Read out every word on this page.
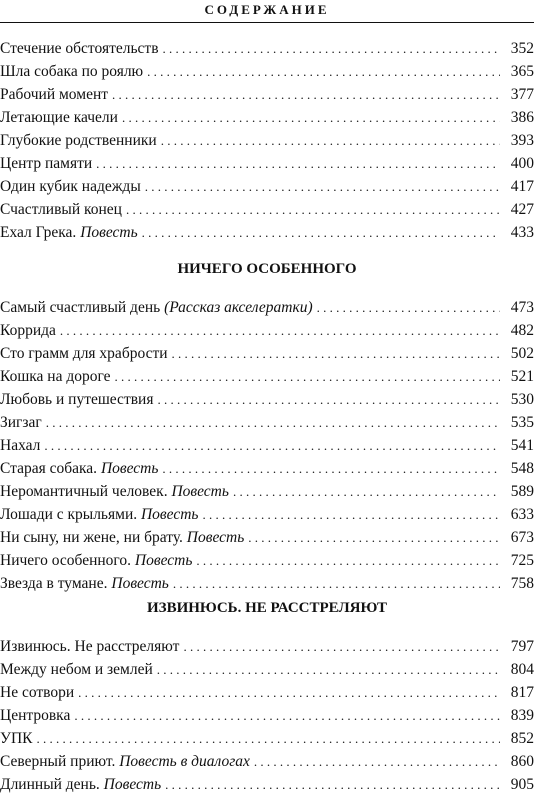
СОДЕРЖАНИЕ
Стечение обстоятельств . . .	352
Шла собака по роялю . . .	365
Рабочий момент . . .	377
Летающие качели . . .	386
Глубокие родственники . . .	393
Центр памяти . . .	400
Один кубик надежды . . .	417
Счастливый конец . . .	427
Ехал Грека. Повесть . . .	433
НИЧЕГО ОСОБЕННОГО
Самый счастливый день (Рассказ акселератки) . . .	473
Коррида . . .	482
Сто грамм для храбрости . . .	502
Кошка на дороге . . .	521
Любовь и путешествия . . .	530
Зигзаг . . .	535
Нахал . . .	541
Старая собака. Повесть . . .	548
Неромантичный человек. Повесть . . .	589
Лошади с крыльями. Повесть . . .	633
Ни сыну, ни жене, ни брату. Повесть . . .	673
Ничего особенного. Повесть . . .	725
Звезда в тумане. Повесть . . .	758
ИЗВИНЮСЬ. НЕ РАССТРЕЛЯЮТ
Извинюсь. Не расстреляют . . .	797
Между небом и землей . . .	804
Не сотвори . . .	817
Центровка . . .	839
УПК . . .	852
Северный приют. Повесть в диалогах . . .	860
Длинный день. Повесть . . .	905
